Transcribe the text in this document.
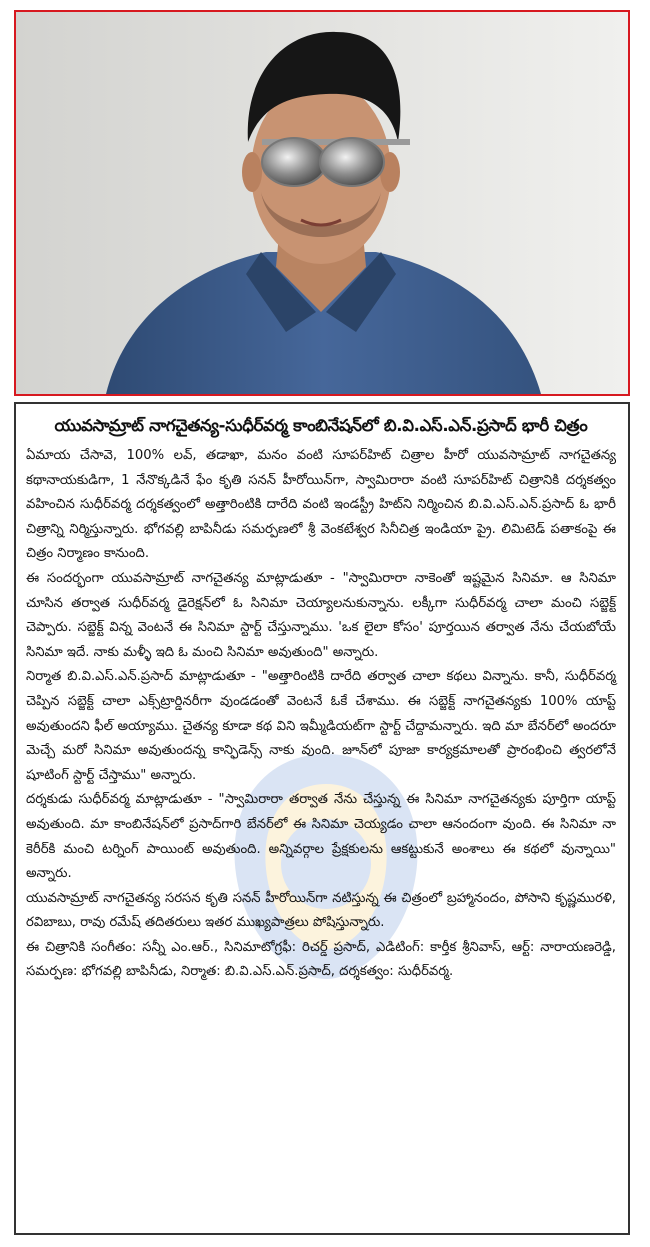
యువసామ్రాట్ నాగచైతన్య-సుధీర్‌వర్మ కాంబినేషన్‌లో బి.వి.ఎస్.ఎన్.ప్రసాద్ భారీ చిత్రం

ఏమాయ చేసావె, 100% లవ్, తడాఖా, మనం వంటి సూపర్‌హిట్ చిత్రాల హీరో యువసామ్రాట్ నాగచైతన్య కథానాయకుడిగా, 1 నేనొక్కడినే ఫేం కృతి సనన్ హీరోయిన్‌గా, స్వామిరారా వంటి సూపర్‌హిట్ చిత్రానికి దర్శకత్వం వహించిన సుధీర్‌వర్మ దర్శకత్వంలో అత్తారింటికి దారేది వంటి ఇండస్ట్రీ హిట్‌ని నిర్మించిన బి.వి.ఎస్.ఎన్.ప్రసాద్ ఓ భారీ చిత్రాన్ని నిర్మిస్తున్నారు. భోగవల్లి బాపినీడు సమర్పణలో శ్రీ వెంకటేశ్వర సినీచిత్ర ఇండియా ప్రై. లిమిటెడ్ పతాకంపై ఈ చిత్రం నిర్మాణం కానుంది.

ఈ సందర్భంగా యువసామ్రాట్ నాగచైతన్య మాట్లాడుతూ - "స్వామిరారా నాకెంతో ఇష్టమైన సినిమా. ఆ సినిమా చూసిన తర్వాత సుధీర్‌వర్మ డైరెక్షన్‌లో ఓ సినిమా చెయ్యాలనుకున్నాను. లక్కీగా సుధీర్‌వర్మ చాలా మంచి సబ్జెక్ట్ చెప్పారు. సబ్జెక్ట్ విన్న వెంటనే ఈ సినిమా స్టార్ట్ చేస్తున్నాము. 'ఒక లైలా కోసం' పూర్తయిన తర్వాత నేను చేయబోయే సినిమా ఇదే. నాకు మళ్ళీ ఇది ఓ మంచి సినిమా అవుతుంది" అన్నారు.

నిర్మాత బి.వి.ఎస్.ఎన్.ప్రసాద్ మాట్లాడుతూ - "అత్తారింటికి దారేది తర్వాత చాలా కథలు విన్నాను. కానీ, సుధీర్‌వర్మ చెప్పిన సబ్జెక్ట్ చాలా ఎక్స్‌ట్రార్డినరీగా వుండడంతో వెంటనే ఓకే చేశాము. ఈ సబ్జెక్ట్ నాగచైతన్యకు 100% యాప్ట్ అవుతుందని ఫీల్ అయ్యాము. చైతన్య కూడా కథ విని ఇమ్మీడియట్‌గా స్టార్ట్ చేద్దామన్నారు. ఇది మా బేనర్‌లో అందరూ మెచ్చే మరో సినిమా అవుతుందన్న కాన్ఫిడెన్స్ నాకు వుంది. జూన్‌లో పూజా కార్యక్రమాలతో ప్రారంభించి త్వరలోనే షూటింగ్ స్టార్ట్ చేస్తాము" అన్నారు.

దర్శకుడు సుధీర్‌వర్మ మాట్లాడుతూ - "స్వామిరారా తర్వాత నేను చేస్తున్న ఈ సినిమా నాగచైతన్యకు పూర్తిగా యాప్ట్ అవుతుంది. మా కాంబినేషన్‌లో ప్రసాద్‌గారి బేనర్‌లో ఈ సినిమా చెయ్యడం చాలా ఆనందంగా వుంది. ఈ సినిమా నా కెరీర్‌కి మంచి టర్నింగ్ పాయింట్ అవుతుంది. అన్నివర్గాల ప్రేక్షకులను ఆకట్టుకునే అంశాలు ఈ కథలో వున్నాయి" అన్నారు.

యువసామ్రాట్ నాగచైతన్య సరసన కృతి సనన్ హీరోయిన్‌గా నటిస్తున్న ఈ చిత్రంలో బ్రహ్మానందం, పోసాని కృష్ణమురళి, రవిబాబు, రావు రమేష్ తదితరులు ఇతర ముఖ్యపాత్రలు పోషిస్తున్నారు.

ఈ చిత్రానికి సంగీతం: సన్నీ ఎం.ఆర్., సినిమాటోగ్రఫీ: రిచర్డ్ ప్రసాద్, ఎడిటింగ్: కార్తీక శ్రీనివాస్, ఆర్ట్: నారాయణరెడ్డి, సమర్పణ: భోగవల్లి బాపినీడు, నిర్మాత: బి.వి.ఎస్.ఎన్.ప్రసాద్, దర్శకత్వం: సుధీర్‌వర్మ.
